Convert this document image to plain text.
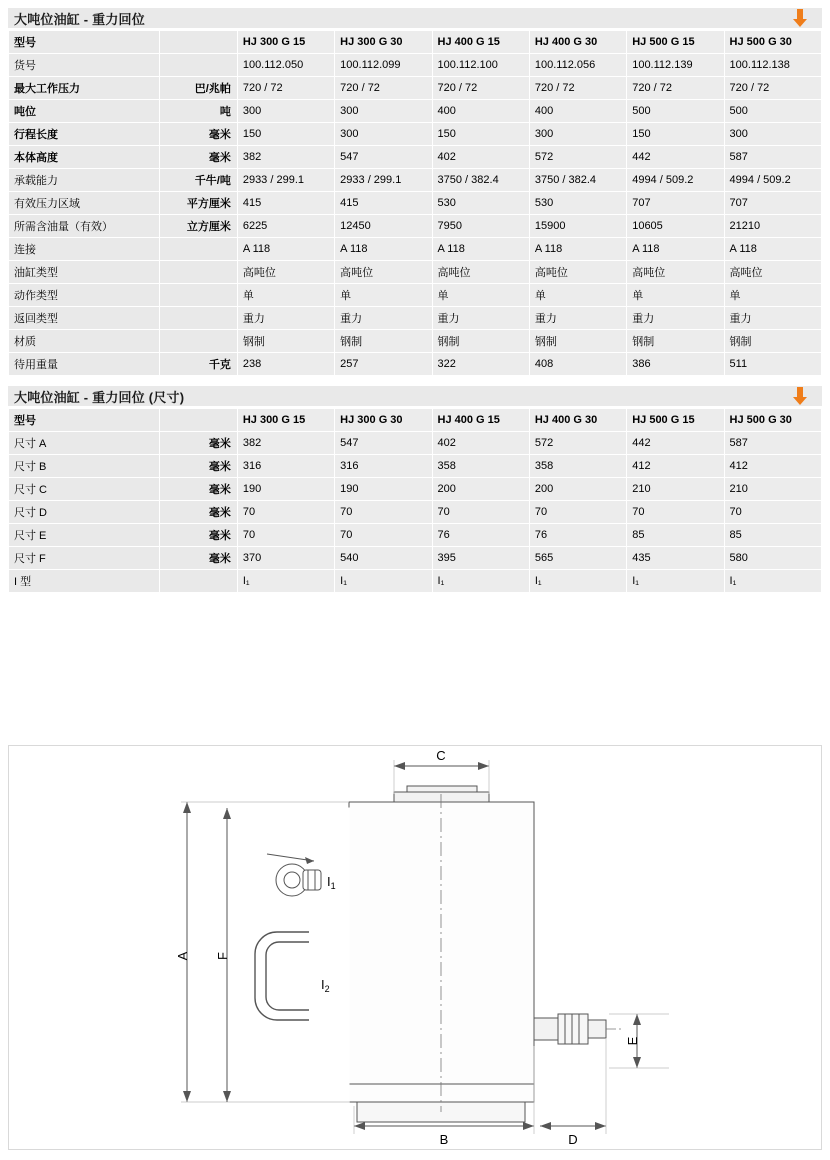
大吨位油缸 - 重力回位
型号		HJ 300 G 15	HJ 300 G 30	HJ 400 G 15	HJ 400 G 30	HJ 500 G 15	HJ 500 G 30
货号		100.112.050	100.112.099	100.112.100	100.112.056	100.112.139	100.112.138
最大工作压力	巴/兆帕	720 / 72	720 / 72	720 / 72	720 / 72	720 / 72	720 / 72
吨位	吨	300	300	400	400	500	500
行程长度	毫米	150	300	150	300	150	300
本体高度	毫米	382	547	402	572	442	587
承载能力	千牛/吨	2933 / 299.1	2933 / 299.1	3750 / 382.4	3750 / 382.4	4994 / 509.2	4994 / 509.2
有效压力区域	平方厘米	415	415	530	530	707	707
所需含油量（有效）	立方厘米	6225	12450	7950	15900	10605	21210
连接		A 118	A 118	A 118	A 118	A 118	A 118
油缸类型		高吨位	高吨位	高吨位	高吨位	高吨位	高吨位
动作类型		单	单	单	单	单	单
返回类型		重力	重力	重力	重力	重力	重力
材质		钢制	钢制	钢制	钢制	钢制	钢制
待用重量	千克	238	257	322	408	386	511
大吨位油缸 - 重力回位 (尺寸)
型号		HJ 300 G 15	HJ 300 G 30	HJ 400 G 15	HJ 400 G 30	HJ 500 G 15	HJ 500 G 30
尺寸 A	毫米	382	547	402	572	442	587
尺寸 B	毫米	316	316	358	358	412	412
尺寸 C	毫米	190	190	200	200	210	210
尺寸 D	毫米	70	70	70	70	70	70
尺寸 E	毫米	70	70	76	76	85	85
尺寸 F	毫米	370	540	395	565	435	580
I 型		I₁	I₁	I₁	I₁	I₁	I₁
A F
C
B	D
E
$I_1$
$I_2$
